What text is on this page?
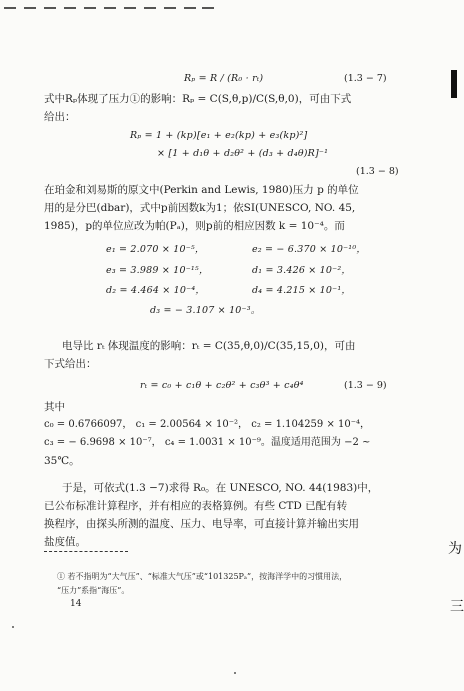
Rₚ = R / (R₀ · rₜ)	(1.3 − 7)
式中Rₚ体现了压力①的影响：Rₚ = C(S,θ,p)/C(S,θ,0)，可由下式
给出：
Rₚ = 1 + (kp)[e₁ + e₂(kp) + e₃(kp)²]
× [1 + d₁θ + d₂θ² + (d₃ + d₄θ)R]⁻¹
(1.3 − 8)
在珀金和刘易斯的原文中(Perkin and Lewis, 1980)压力 p 的单位
用的是分巴(dbar)，式中p前因数k为1；依SI(UNESCO, NO. 45,
1985)，p的单位应改为帕(Pₐ)，则p前的相应因数 k = 10⁻⁴。而
e₁ = 2.070 × 10⁻⁵，	e₂ = − 6.370 × 10⁻¹⁰，
e₃ = 3.989 × 10⁻¹⁵，	d₁ = 3.426 × 10⁻²，
d₂ = 4.464 × 10⁻⁴，	d₄ = 4.215 × 10⁻¹，
d₃ = − 3.107 × 10⁻³。
电导比 rₜ 体现温度的影响：rₜ = C(35,θ,0)/C(35,15,0)，可由
下式给出：
rₜ = c₀ + c₁θ + c₂θ² + c₃θ³ + c₄θ⁴	(1.3 − 9)
其中
c₀ = 0.6766097， c₁ = 2.00564 × 10⁻²， c₂ = 1.104259 × 10⁻⁴，
c₃ = − 6.9698 × 10⁻⁷， c₄ = 1.0031 × 10⁻⁹。温度适用范围为 −2 ~
35℃。
于是，可依式(1.3 −7)求得 R₀。在 UNESCO, NO. 44(1983)中，
已公布标准计算程序，并有相应的表格算例。有些 CTD 已配有转
换程序，由探头所测的温度、压力、电导率，可直接计算并输出实用
盐度值。
① 若不指明为“大气压”、“标准大气压”或“101325Pₐ”，按海洋学中的习惯用法，
“压力”系指“海压”。
14
为
三
